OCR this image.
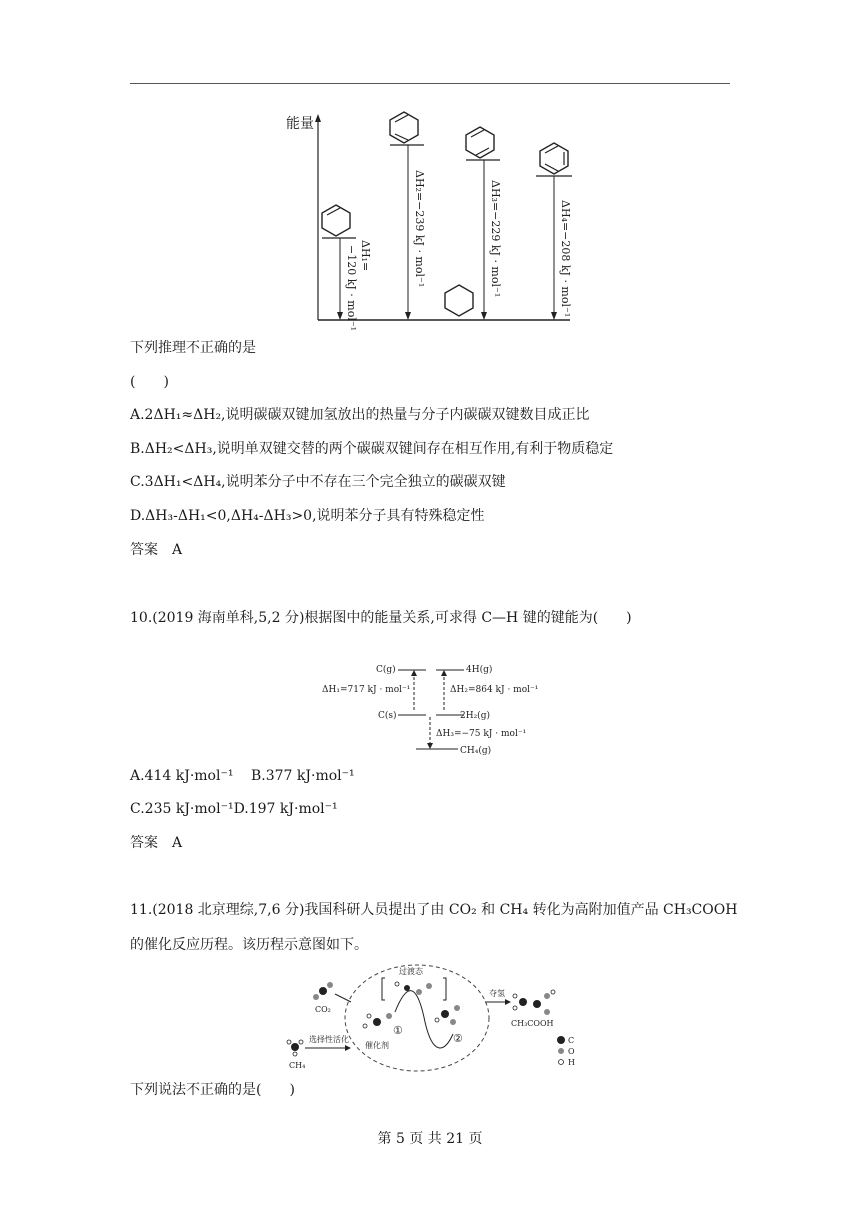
能量
ΔH₁=
−120 kJ · mol⁻¹
ΔH₂=−239 kJ · mol⁻¹	ΔH₃=−229 kJ · mol⁻¹	ΔH₄=−208 kJ · mol⁻¹
下列推理不正确的是
(　　)
A.2ΔH₁≈ΔH₂,说明碳碳双键加氢放出的热量与分子内碳碳双键数目成正比
B.ΔH₂<ΔH₃,说明单双键交替的两个碳碳双键间存在相互作用,有利于物质稳定
C.3ΔH₁<ΔH₄,说明苯分子中不存在三个完全独立的碳碳双键
D.ΔH₃-ΔH₁<0,ΔH₄-ΔH₃>0,说明苯分子具有特殊稳定性
答案　A
10.(2019 海南单科,5,2 分)根据图中的能量关系,可求得 C—H 键的键能为(　　)
C(g)	4H(g)
ΔH₁=717 kJ · mol⁻¹	ΔH₂=864 kJ · mol⁻¹
C(s)	2H₂(g)
ΔH₃=−75 kJ · mol⁻¹
CH₄(g)
A.414 kJ·mol⁻¹ B.377 kJ·mol⁻¹
C.235 kJ·mol⁻¹D.197 kJ·mol⁻¹
答案　A
11.(2018 北京理综,7,6 分)我国科研人员提出了由 CO₂ 和 CH₄ 转化为高附加值产品 CH₃COOH
的催化反应历程。该历程示意图如下。
CO₂
CH₄
选择性活化
过渡态
①
催化剂
②
夺氢
CH₃COOH
C
O
H
下列说法不正确的是(　　)
第 5 页 共 21 页
